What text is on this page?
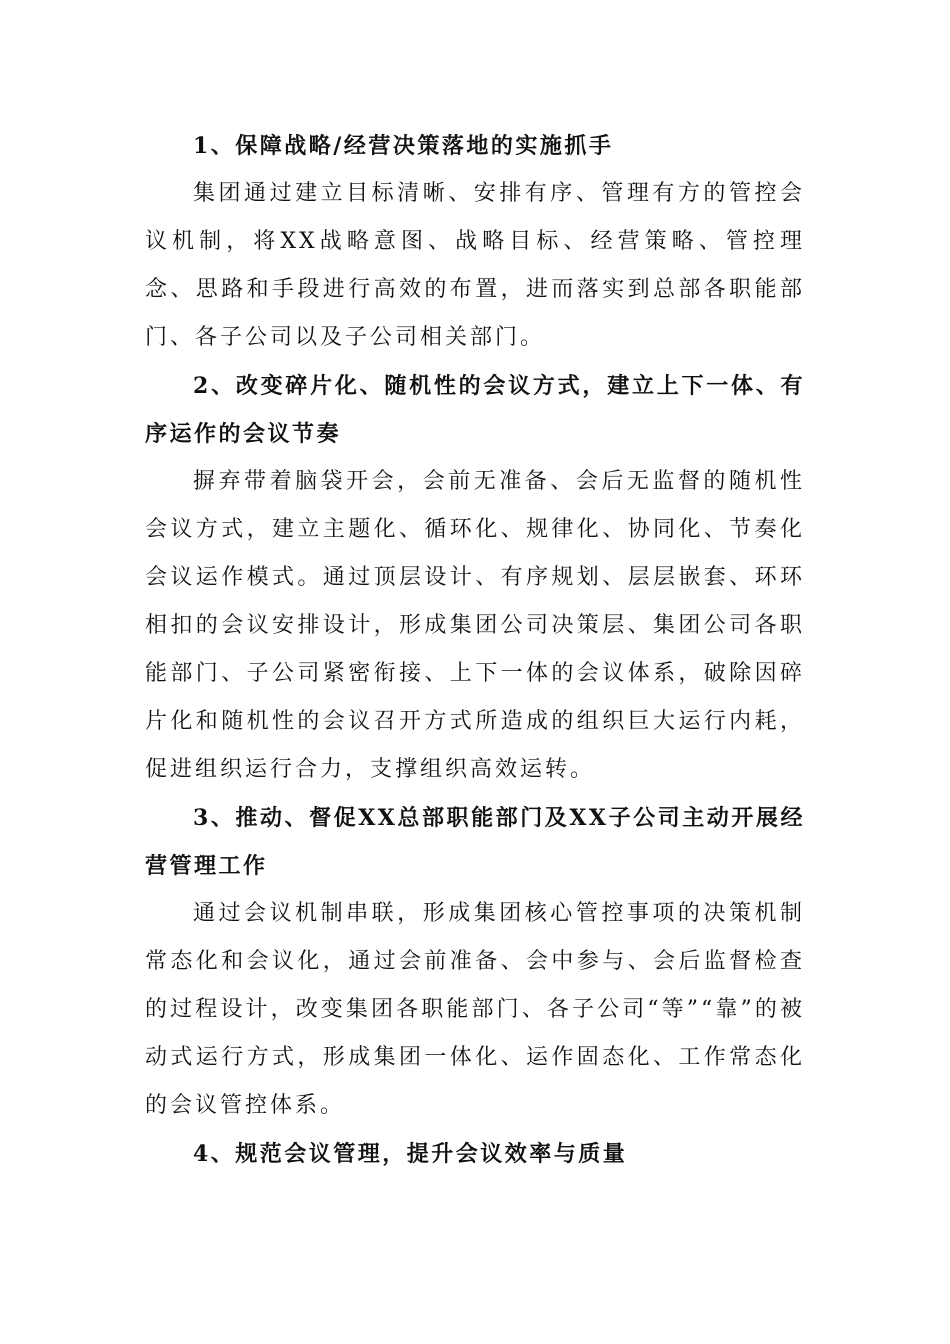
1、保障战略/经营决策落地的实施抓手

集团通过建立目标清晰、安排有序、管理有方的管控会议机制，将XX战略意图、战略目标、经营策略、管控理念、思路和手段进行高效的布置，进而落实到总部各职能部门、各子公司以及子公司相关部门。

2、改变碎片化、随机性的会议方式，建立上下一体、有序运作的会议节奏

摒弃带着脑袋开会，会前无准备、会后无监督的随机性会议方式，建立主题化、循环化、规律化、协同化、节奏化会议运作模式。通过顶层设计、有序规划、层层嵌套、环环相扣的会议安排设计，形成集团公司决策层、集团公司各职能部门、子公司紧密衔接、上下一体的会议体系，破除因碎片化和随机性的会议召开方式所造成的组织巨大运行内耗，促进组织运行合力，支撑组织高效运转。

3、推动、督促XX总部职能部门及XX子公司主动开展经营管理工作

通过会议机制串联，形成集团核心管控事项的决策机制常态化和会议化，通过会前准备、会中参与、会后监督检查的过程设计，改变集团各职能部门、各子公司“等”“靠”的被动式运行方式，形成集团一体化、运作固态化、工作常态化的会议管控体系。

4、规范会议管理，提升会议效率与质量
